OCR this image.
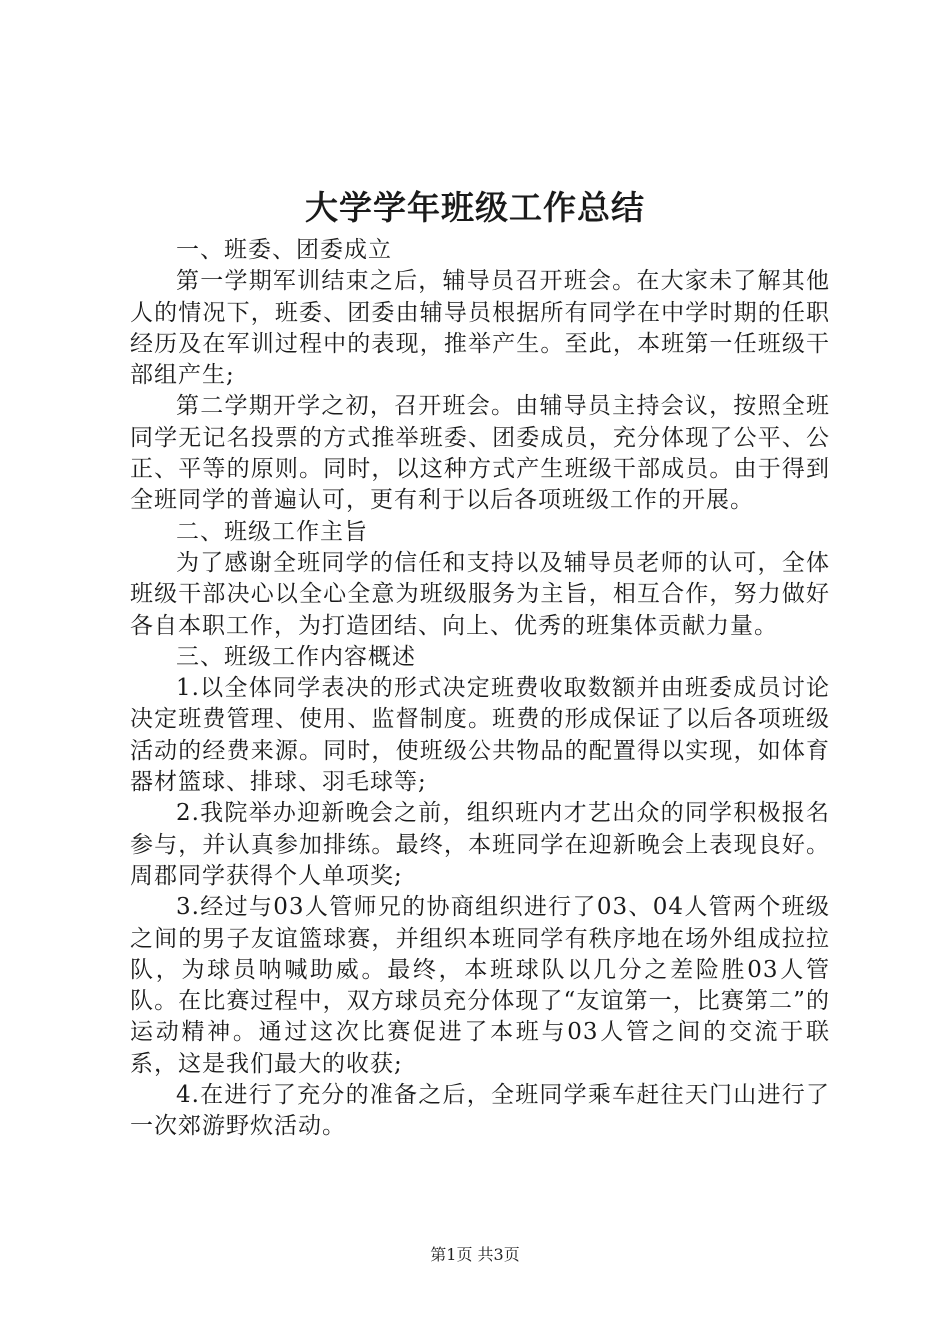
大学学年班级工作总结

一、班委、团委成立

第一学期军训结束之后，辅导员召开班会。在大家未了解其他人的情况下，班委、团委由辅导员根据所有同学在中学时期的任职经历及在军训过程中的表现，推举产生。至此，本班第一任班级干部组产生;

第二学期开学之初，召开班会。由辅导员主持会议，按照全班同学无记名投票的方式推举班委、团委成员，充分体现了公平、公正、平等的原则。同时，以这种方式产生班级干部成员。由于得到全班同学的普遍认可，更有利于以后各项班级工作的开展。

二、班级工作主旨

为了感谢全班同学的信任和支持以及辅导员老师的认可，全体班级干部决心以全心全意为班级服务为主旨，相互合作，努力做好各自本职工作，为打造团结、向上、优秀的班集体贡献力量。

三、班级工作内容概述

1.以全体同学表决的形式决定班费收取数额并由班委成员讨论决定班费管理、使用、监督制度。班费的形成保证了以后各项班级活动的经费来源。同时，使班级公共物品的配置得以实现，如体育器材篮球、排球、羽毛球等;

2.我院举办迎新晚会之前，组织班内才艺出众的同学积极报名参与，并认真参加排练。最终，本班同学在迎新晚会上表现良好。周郡同学获得个人单项奖;

3.经过与03人管师兄的协商组织进行了03、04人管两个班级之间的男子友谊篮球赛，并组织本班同学有秩序地在场外组成拉拉队，为球员呐喊助威。最终，本班球队以几分之差险胜03人管队。在比赛过程中，双方球员充分体现了“友谊第一，比赛第二”的运动精神。通过这次比赛促进了本班与03人管之间的交流于联系，这是我们最大的收获;

4.在进行了充分的准备之后，全班同学乘车赶往天门山进行了一次郊游野炊活动。

第1页 共3页
